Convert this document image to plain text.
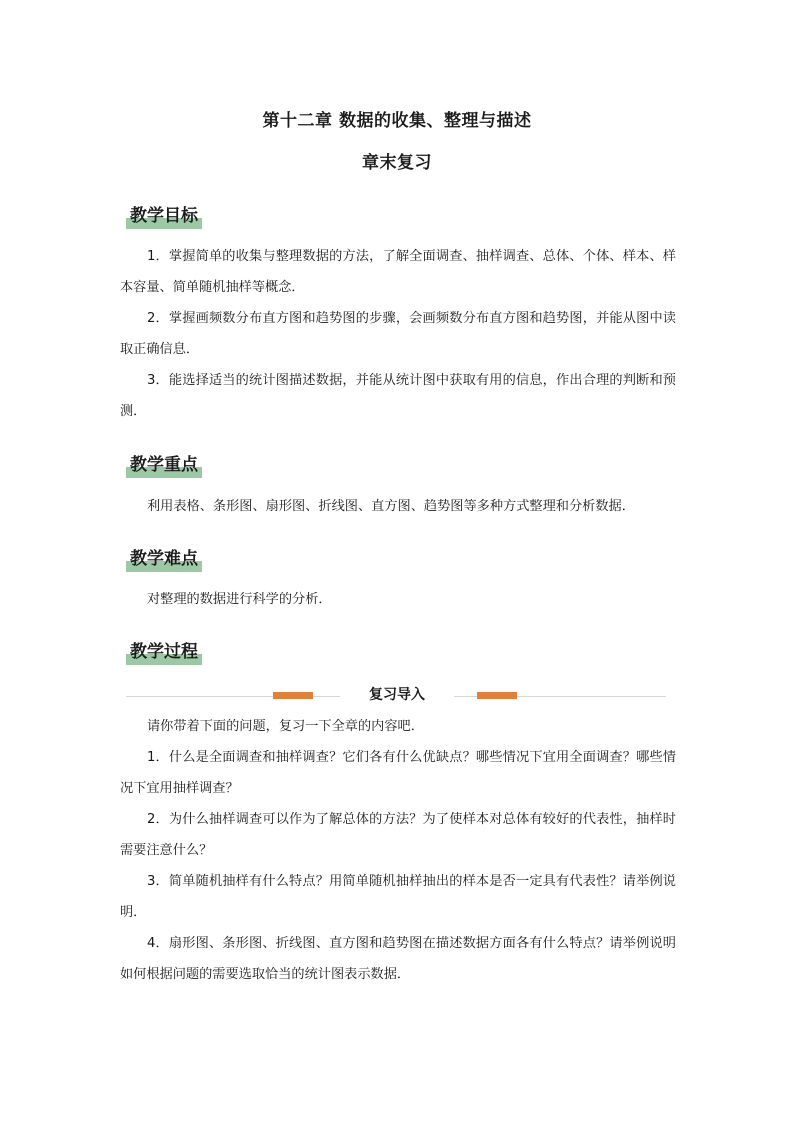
第十二章 数据的收集、整理与描述
章末复习
教学目标
1．掌握简单的收集与整理数据的方法，了解全面调查、抽样调查、总体、个体、样本、样本容量、简单随机抽样等概念．
2．掌握画频数分布直方图和趋势图的步骤，会画频数分布直方图和趋势图，并能从图中读取正确信息．
3．能选择适当的统计图描述数据，并能从统计图中获取有用的信息，作出合理的判断和预测．
教学重点
利用表格、条形图、扇形图、折线图、直方图、趋势图等多种方式整理和分析数据．
教学难点
对整理的数据进行科学的分析．
教学过程
复习导入
请你带着下面的问题，复习一下全章的内容吧．
1．什么是全面调查和抽样调查？它们各有什么优缺点？哪些情况下宜用全面调查？哪些情况下宜用抽样调查？
2．为什么抽样调查可以作为了解总体的方法？为了使样本对总体有较好的代表性，抽样时需要注意什么？
3．简单随机抽样有什么特点？用简单随机抽样抽出的样本是否一定具有代表性？请举例说明．
4．扇形图、条形图、折线图、直方图和趋势图在描述数据方面各有什么特点？请举例说明如何根据问题的需要选取恰当的统计图表示数据．
